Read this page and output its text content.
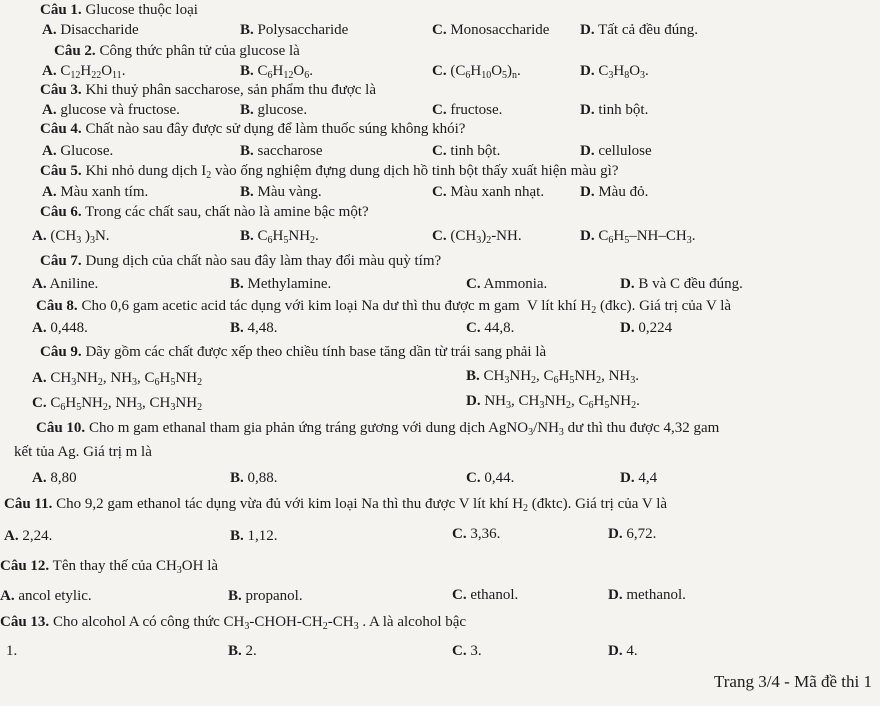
Câu 1. Glucose thuộc loại
A. Disaccharide	B. Polysaccharide	C. Monosaccharide D. Tất cả đều đúng.
Câu 2. Công thức phân tử của glucose là
A. $C_{12}H_{22}O_{11}$.	B. $C_6H_{12}O_6$.	C. $(C_6H_{10}O_5)_n$.	D. $C_3H_8O_3$.
Câu 3. Khi thuỷ phân saccharose, sản phẩm thu được là
A. glucose và fructose.	B. glucose.	C. fructose.	D. tinh bột.
Câu 4. Chất nào sau đây được sử dụng để làm thuốc súng không khói?
A. Glucose.	B. saccharose	C. tinh bột.	D. cellulose
Câu 5. Khi nhỏ dung dịch $I_2$ vào ống nghiệm đựng dung dịch hồ tinh bột thấy xuất hiện màu gì?
A. Màu xanh tím.	B. Màu vàng.	C. Màu xanh nhạt. D. Màu đỏ.
Câu 6. Trong các chất sau, chất nào là amine bậc một?
A. ($CH_3$ )$_3N$.	B. $C_6H_5NH_2$.	C. $(CH_3)_2-NH$.	D. $C_6H_5-NH-CH_3$.
Câu 7. Dung dịch của chất nào sau đây làm thay đổi màu quỳ tím?
A. Aniline.	B. Methylamine.	C. Ammonia.	D. B và C đều đúng.
Câu 8. Cho 0,6 gam acetic acid tác dụng với kim loại Na dư thì thu được m gam  V lít khí $H_2$ (đkc). Giá trị của V là
A. 0,448.	B. 4,48.	C. 44,8.	D. 0,224
Câu 9. Dãy gồm các chất được xếp theo chiều tính base tăng dần từ trái sang phải là
A. $CH_3NH_2$, $NH_3$, $C_6H_5NH_2$	B. $CH_3NH_2$, $C_6H_5NH_2$, $NH_3$.
C. $C_6H_5NH_2$, $NH_3$, $CH_3NH_2$	D. $NH_3$, $CH_3NH_2$, $C_6H_5NH_2$.
Câu 10. Cho m gam ethanal tham gia phản ứng tráng gương với dung dịch $AgNO_3/NH_3$ dư thì thu được 4,32 gam
kết tủa Ag. Giá trị m là
A. 8,80	B. 0,88.	C. 0,44.	D. 4,4
Câu 11. Cho 9,2 gam ethanol tác dụng vừa đủ với kim loại Na thì thu được V lít khí $H_2$ (đktc). Giá trị của V là
A. 2,24.	B. 1,12.	C. 3,36.	D. 6,72.
Câu 12. Tên thay thế của $CH_3OH$ là
A. ancol etylic.	B. propanol.	C. ethanol.	D. methanol.
Câu 13. Cho alcohol A có công thức $CH_3-CHOH-CH_2-CH_3$ . A là alcohol bậc
1.	B. 2.	C. 3.	D. 4.
Trang 3/4 - Mã đề thi 1
